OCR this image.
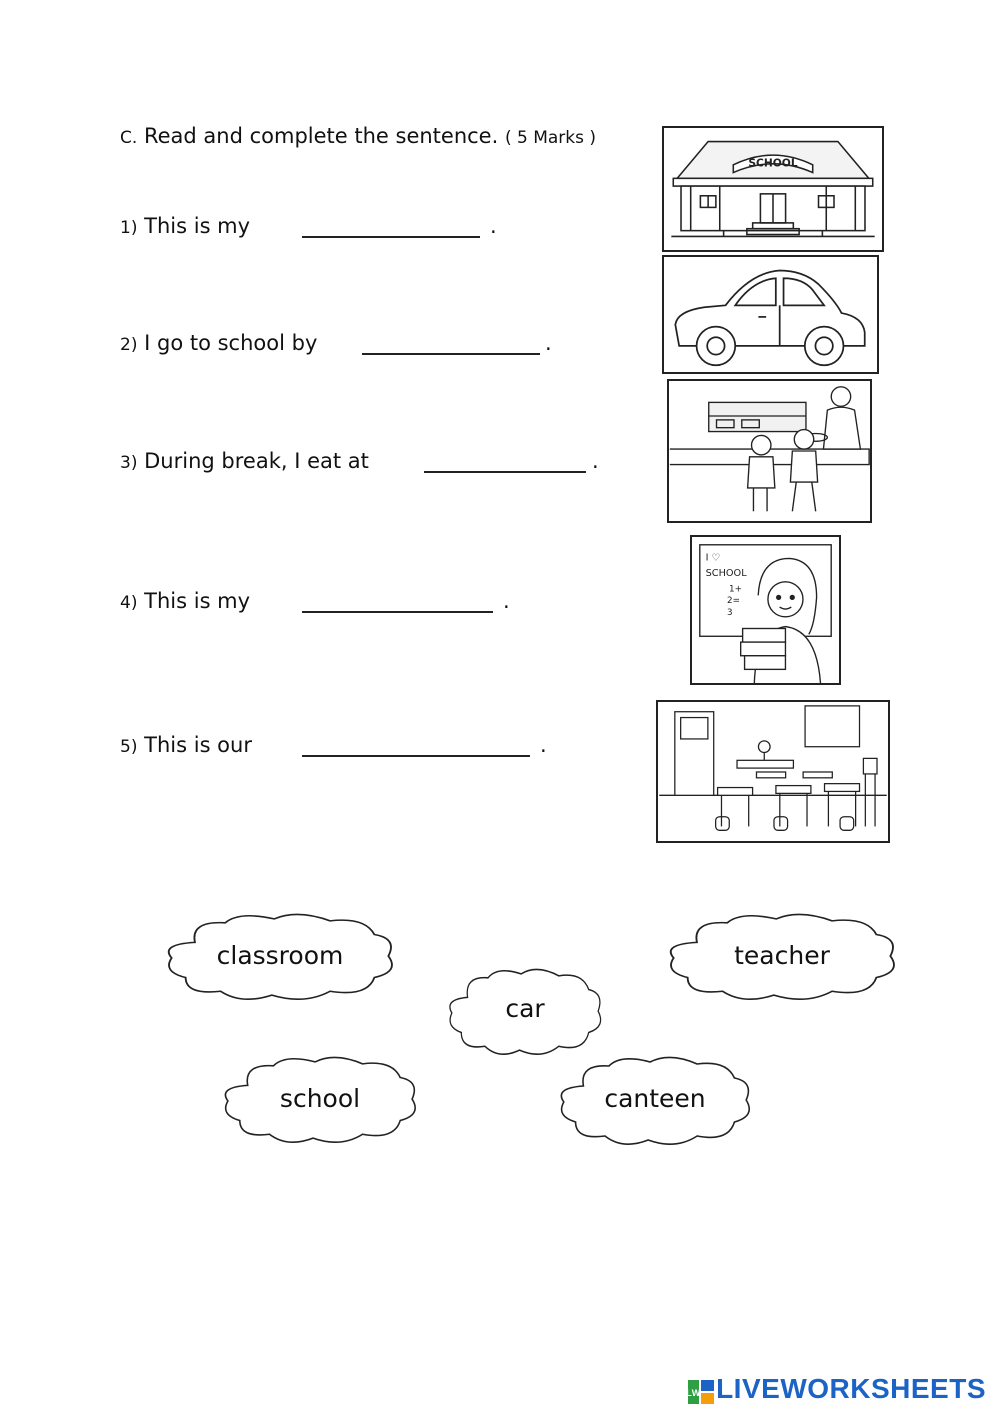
C. Read and complete the sentence. ( 5 Marks )
1) This is my	.
2) I go to school by	.
3) During break, I eat at	.
4) This is my	.
5) This is our	.
SCHOOL
I ♡
SCHOOL
1+
2=
3
classroom	teacher
car
school	canteen
LW LIVEWORKSHEETS
